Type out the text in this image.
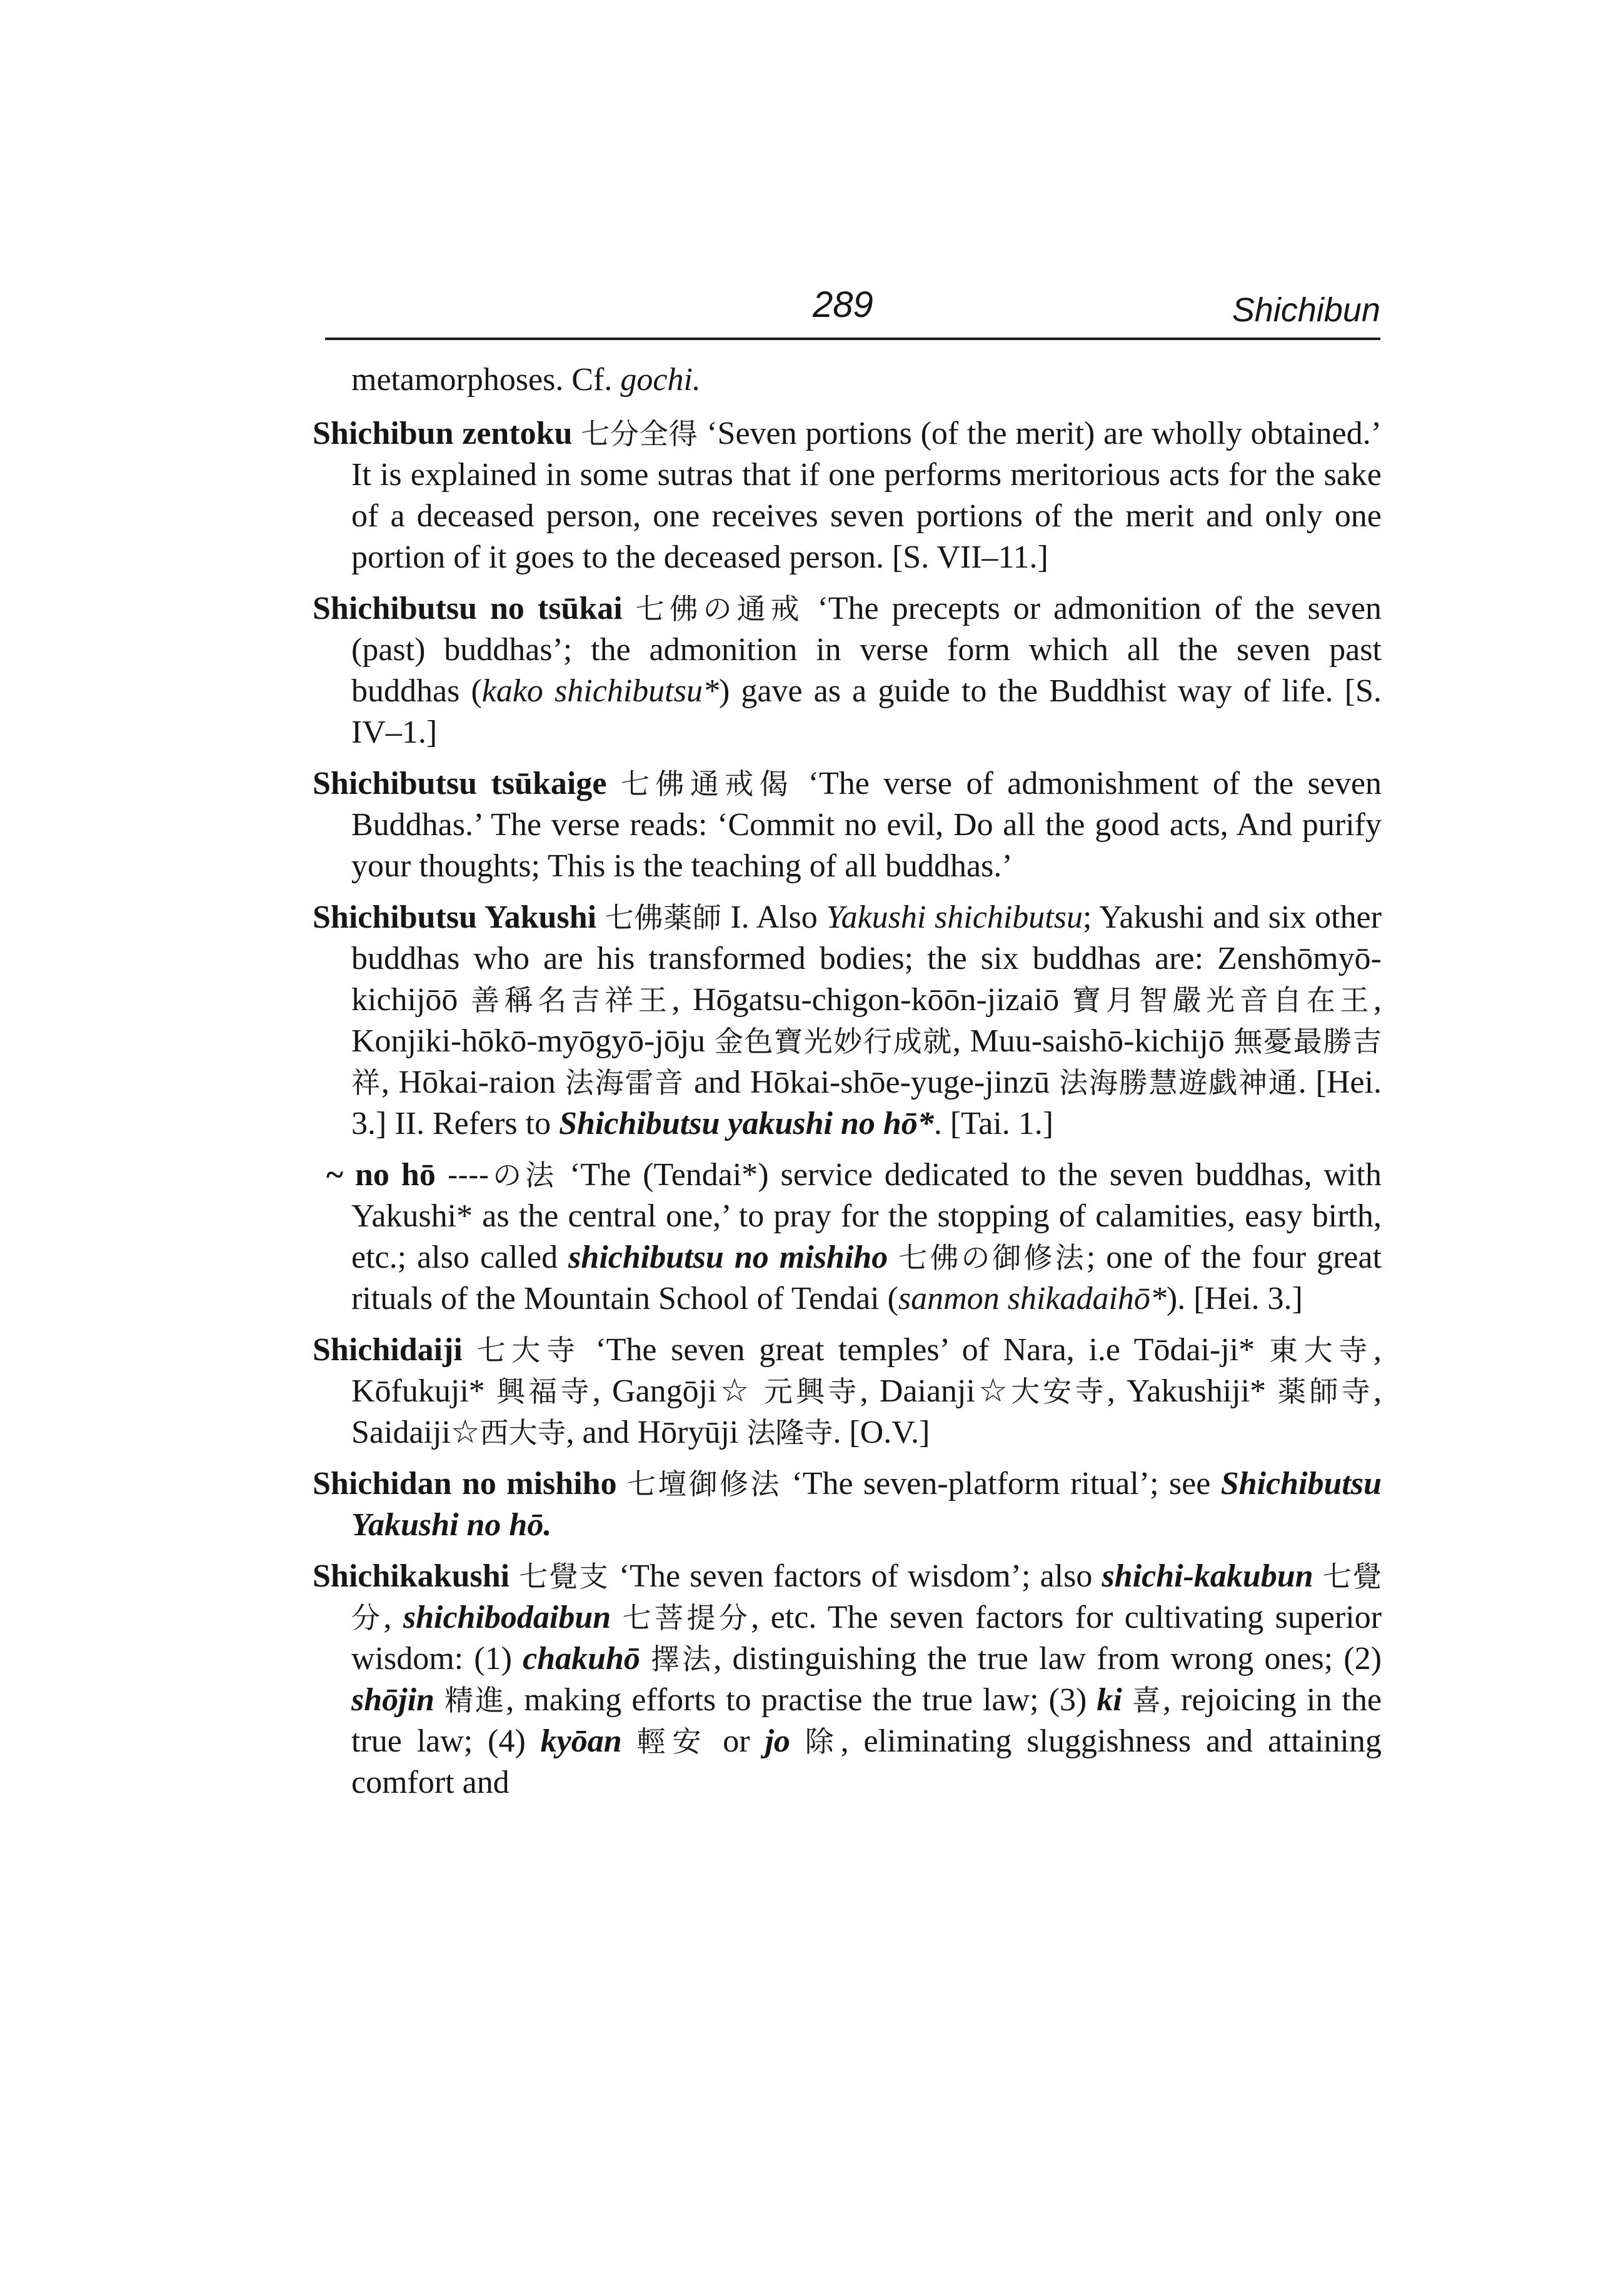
289	Shichibun

metamorphoses. Cf. gochi.

Shichibun zentoku 七分全得 ‘Seven portions (of the merit) are wholly obtained.’ It is explained in some sutras that if one performs meritorious acts for the sake of a deceased person, one receives seven portions of the merit and only one portion of it goes to the deceased person. [S. VII–11.]

Shichibutsu no tsūkai 七佛の通戒 ‘The precepts or admonition of the seven (past) buddhas’; the admonition in verse form which all the seven past buddhas (kako shichibutsu*) gave as a guide to the Buddhist way of life. [S. IV–1.]

Shichibutsu tsūkaige 七佛通戒偈 ‘The verse of admonishment of the seven Buddhas.’ The verse reads: ‘Commit no evil, Do all the good acts, And purify your thoughts; This is the teaching of all buddhas.’

Shichibutsu Yakushi 七佛薬師 I. Also Yakushi shichibutsu; Yakushi and six other buddhas who are his transformed bodies; the six buddhas are: Zenshōmyō-kichijōō 善稱名吉祥王, Hōgatsu-chigon-kōōn-jizaiō 寶月智嚴光音自在王, Konjiki-hōkō-myōgyō-jōju 金色寶光妙行成就, Muu-saishō-kichijō 無憂最勝吉祥, Hōkai-raion 法海雷音 and Hōkai-shōe-yuge-jinzū 法海勝慧遊戯神通. [Hei. 3.] II. Refers to Shichibutsu yakushi no hō*. [Tai. 1.]

~ no hō ----の法 ‘The (Tendai*) service dedicated to the seven buddhas, with Yakushi* as the central one,’ to pray for the stopping of calamities, easy birth, etc.; also called shichibutsu no mishiho 七佛の御修法; one of the four great rituals of the Mountain School of Tendai (sanmon shikadaihō*). [Hei. 3.]

Shichidaiji 七大寺 ‘The seven great temples’ of Nara, i.e Tōdai-ji* 東大寺, Kōfukuji* 興福寺, Gangōji☆ 元興寺, Daianji☆大安寺, Yakushiji* 薬師寺, Saidaiji☆西大寺, and Hōryūji 法隆寺. [O.V.]

Shichidan no mishiho 七壇御修法 ‘The seven-platform ritual’; see Shichibutsu Yakushi no hō.

Shichikakushi 七覺支 ‘The seven factors of wisdom’; also shichi-kakubun 七覺分, shichibodaibun 七菩提分, etc. The seven factors for cultivating superior wisdom: (1) chakuhō 擇法, distinguishing the true law from wrong ones; (2) shōjin 精進, making efforts to practise the true law; (3) ki 喜, rejoicing in the true law; (4) kyōan 輕安 or jo 除, eliminating sluggishness and attaining comfort and
